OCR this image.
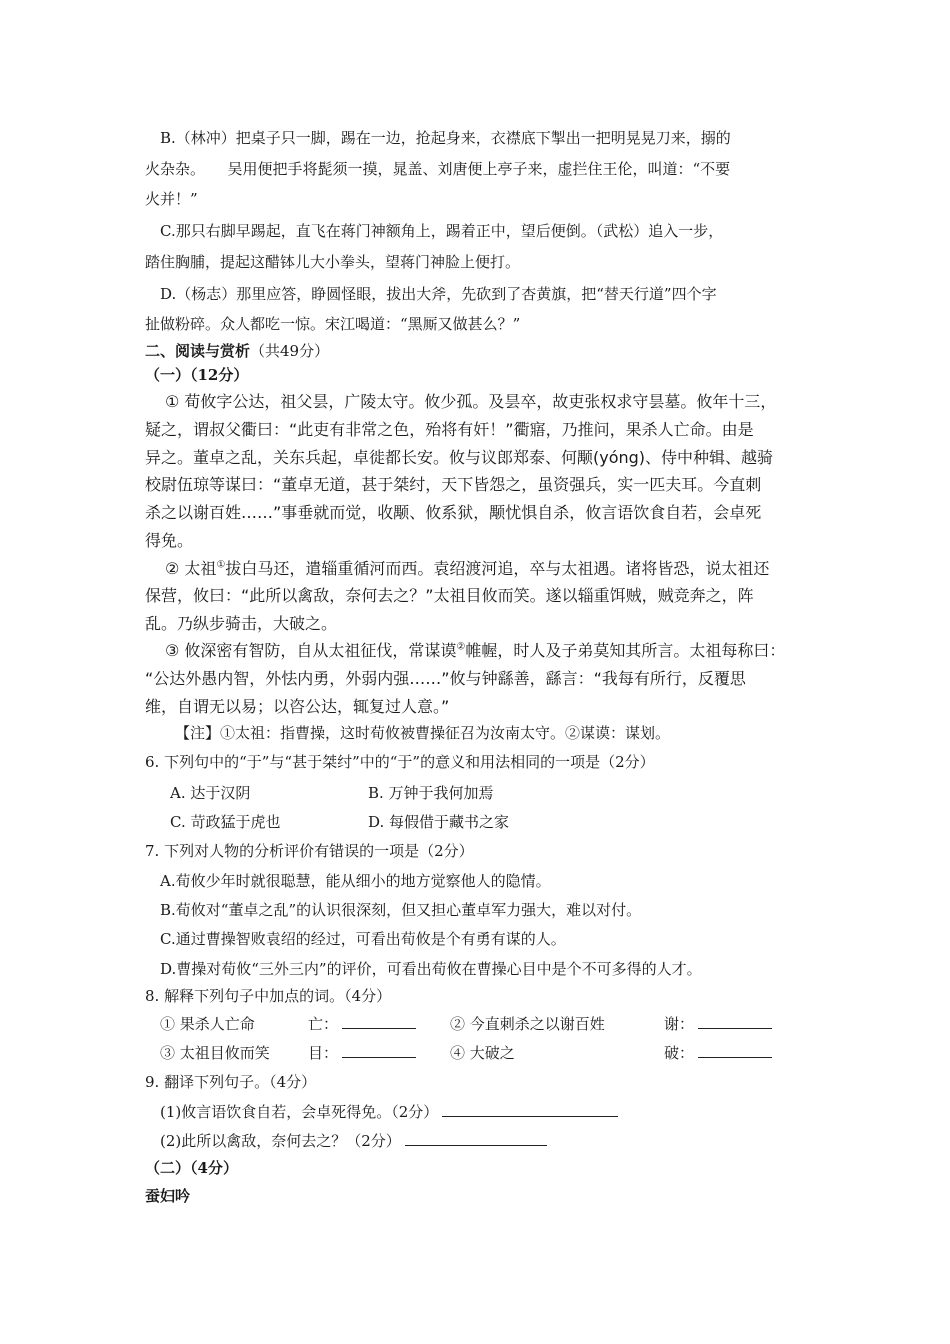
B.（林冲）把桌子只一脚，踢在一边，抢起身来，衣襟底下掣出一把明晃晃刀来，搦的
火杂杂。　　吴用便把手将髭须一摸，晁盖、刘唐便上亭子来，虚拦住王伦，叫道：“不要
火并！”
C.那只右脚早踢起，直飞在蒋门神额角上，踢着正中，望后便倒。（武松）追入一步，
踏住胸脯，提起这醋钵儿大小拳头，望蒋门神脸上便打。
D.（杨志）那里应答，睁圆怪眼，拔出大斧，先砍到了杏黄旗，把“替天行道”四个字
扯做粉碎。众人都吃一惊。宋江喝道：“黑厮又做甚么？”
二、阅读与赏析（共49分）
（一）（12分）
① 荀攸字公达，祖父昙，广陵太守。攸少孤。及昙卒，故吏张权求守昙墓。攸年十三，
疑之，谓叔父衢曰：“此吏有非常之色，殆将有奸！”衢寤，乃推问，果杀人亡命。由是
异之。董卓之乱，关东兵起，卓徙都长安。攸与议郎郑泰、何颙(yóng)、侍中种辑、越骑
校尉伍琼等谋曰：“董卓无道，甚于桀纣，天下皆怨之，虽资强兵，实一匹夫耳。今直刺
杀之以谢百姓……”事垂就而觉，收颙、攸系狱，颙忧惧自杀，攸言语饮食自若，会卓死
得免。
② 太祖①拔白马还，遣辎重循河而西。袁绍渡河追，卒与太祖遇。诸将皆恐，说太祖还
保营，攸曰：“此所以禽敌，奈何去之？”太祖目攸而笑。遂以辎重饵贼，贼竞奔之，阵
乱。乃纵步骑击，大破之。
③ 攸深密有智防，自从太祖征伐，常谋谟②帷幄，时人及子弟莫知其所言。太祖每称曰：
“公达外愚内智，外怯内勇，外弱内强……”攸与钟繇善，繇言：“我每有所行，反覆思
维，自谓无以易；以咨公达，辄复过人意。”
【注】①太祖：指曹操，这时荀攸被曹操征召为汝南太守。②谋谟：谋划。
6. 下列句中的“于”与“甚于桀纣”中的“于”的意义和用法相同的一项是（2分）
A. 达于汉阴	B. 万钟于我何加焉
C. 苛政猛于虎也	D. 每假借于藏书之家
7. 下列对人物的分析评价有错误的一项是（2分）
A.荀攸少年时就很聪慧，能从细小的地方觉察他人的隐情。
B.荀攸对“董卓之乱”的认识很深刻，但又担心董卓军力强大，难以对付。
C.通过曹操智败袁绍的经过，可看出荀攸是个有勇有谋的人。
D.曹操对荀攸“三外三内”的评价，可看出荀攸在曹操心目中是个不可多得的人才。
8. 解释下列句子中加点的词。（4分）
① 果杀人亡命	亡：	② 今直刺杀之以谢百姓	谢：
③ 太祖目攸而笑	目：	④ 大破之	破：
9. 翻译下列句子。（4分）
(1)攸言语饮食自若，会卓死得免。（2分）
(2)此所以禽敌，奈何去之？（2分）
（二）（4分）
蚕妇吟
